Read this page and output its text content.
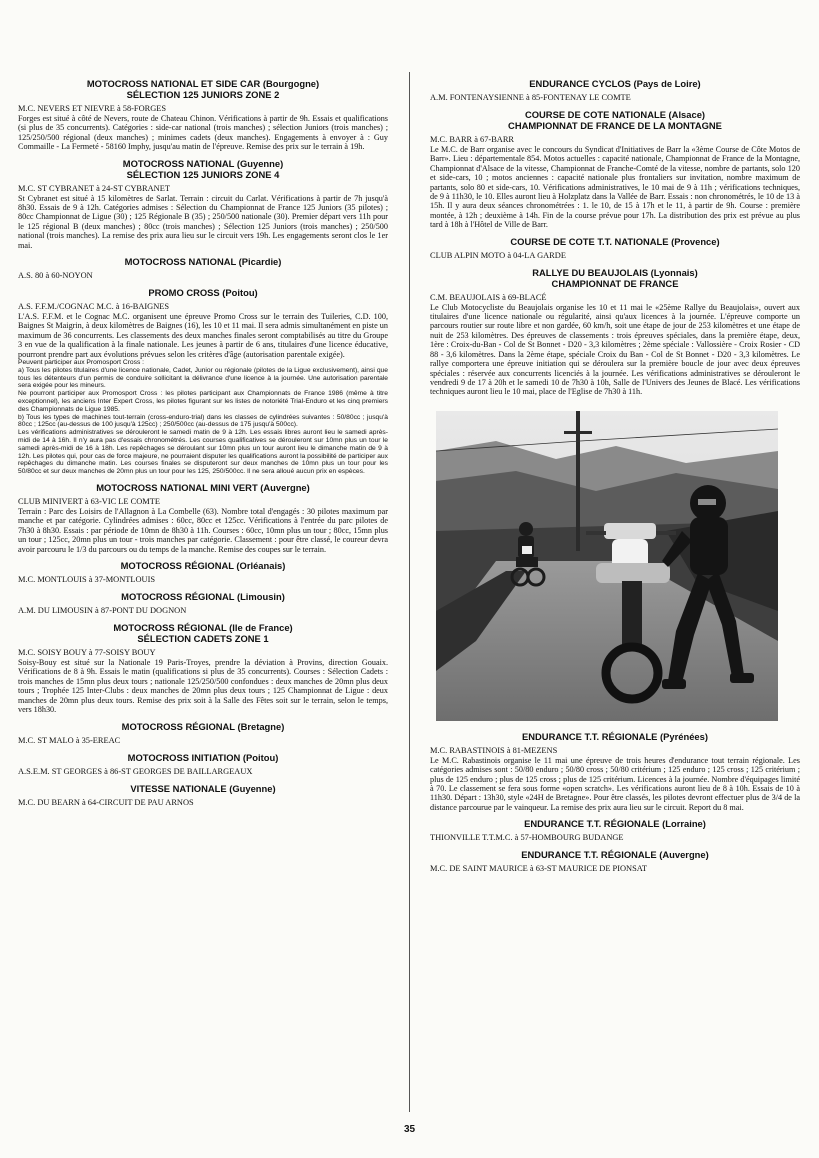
MOTOCROSS NATIONAL ET SIDE CAR (Bourgogne)
SÉLECTION 125 JUNIORS ZONE 2
M.C. NEVERS ET NIEVRE à 58-FORGES
Forges est situé à côté de Nevers, route de Chateau Chinon. Vérifications à partir de 9h. Essais et qualifications (si plus de 35 concurrents). Catégories : side-car national (trois manches) ; sélection Juniors (trois manches) ; 125/250/500 régional (deux manches) ; minimes cadets (deux manches). Engagements à envoyer à : Guy Commaille - La Fermeté - 58160 Imphy, jusqu'au matin de l'épreuve. Remise des prix sur le terrain à 19h.
MOTOCROSS NATIONAL (Guyenne)
SÉLECTION 125 JUNIORS ZONE 4
M.C. ST CYBRANET à 24-ST CYBRANET
St Cybranet est situé à 15 kilomètres de Sarlat. Terrain : circuit du Carlat. Vérifications à partir de 7h jusqu'à 8h30. Essais de 9 à 12h. Catégories admises : Sélection du Championnat de France 125 Juniors (35 pilotes) ; 80cc Championnat de Ligue (30) ; 125 Régionale B (35) ; 250/500 nationale (30). Premier départ vers 11h pour le 125 régional B (deux manches) ; 80cc (trois manches) ; Sélection 125 Juniors (trois manches) ; 250/500 national (trois manches). La remise des prix aura lieu sur le circuit vers 19h. Les engagements seront clos le 1er mai.
MOTOCROSS NATIONAL (Picardie)
A.S. 80 à 60-NOYON
PROMO CROSS (Poitou)
A.S. F.F.M./COGNAC M.C. à 16-BAIGNES
L'A.S. F.F.M. et le Cognac M.C. organisent une épreuve Promo Cross sur le terrain des Tuileries, C.D. 100, Baignes St Maigrin, à deux kilomètres de Baignes (16), les 10 et 11 mai. Il sera admis simultanément en piste un maximum de 36 concurrents. Les classements des deux manches finales seront comptabilisés au titre du Groupe 3 en vue de la qualification à la finale nationale. Les jeunes à partir de 6 ans, titulaires d'une licence éducative, pourront prendre part aux évolutions prévues selon les critères d'âge (autorisation parentale exigée).
Peuvent participer aux Promosport Cross :
a) Tous les pilotes titulaires d'une licence nationale, Cadet, Junior ou régionale (pilotes de la Ligue exclusivement), ainsi que tous les détenteurs d'un permis de conduire sollicitant la délivrance d'une licence à la journée. Une autorisation parentale sera exigée pour les mineurs.
Ne pourront participer aux Promosport Cross : les pilotes participant aux Championnats de France 1986 (même à titre exceptionnel), les anciens Inter Expert Cross, les pilotes figurant sur les listes de notoriété Trial-Enduro et les cinq premiers des Championnats de Ligue 1985.
b) Tous les types de machines tout-terrain (cross-enduro-trial) dans les classes de cylindrées suivantes : 50/80cc ; jusqu'à 80cc ; 125cc (au-dessus de 100 jusqu'à 125cc) ; 250/500cc (au-dessus de 175 jusqu'à 500cc).
Les vérifications administratives se dérouleront le samedi matin de 9 à 12h. Les essais libres auront lieu le samedi après-midi de 14 à 16h. Il n'y aura pas d'essais chronométrés. Les courses qualificatives se dérouleront sur 10mn plus un tour le samedi après-midi de 16 à 18h. Les repêchages se déroulant sur 10mn plus un tour auront lieu le dimanche matin de 9 à 12h. Les pilotes qui, pour cas de force majeure, ne pourraient disputer les qualifications auront la possibilité de participer aux repêchages du dimanche matin. Les courses finales se disputeront sur deux manches de 10mn plus un tour pour les 50/80cc et sur deux manches de 20mn plus un tour pour les 125, 250/500cc. Il ne sera alloué aucun prix en espèces.
MOTOCROSS NATIONAL MINI VERT (Auvergne)
CLUB MINIVERT à 63-VIC LE COMTE
Terrain : Parc des Loisirs de l'Allagnon à La Combelle (63). Nombre total d'engagés : 30 pilotes maximum par manche et par catégorie. Cylindrées admises : 60cc, 80cc et 125cc. Vérifications à l'entrée du parc pilotes de 7h30 à 8h30. Essais : par période de 10mn de 8h30 à 11h. Courses : 60cc, 10mn plus un tour ; 80cc, 15mn plus un tour ; 125cc, 20mn plus un tour - trois manches par catégorie. Classement : pour être classé, le coureur devra avoir parcouru le 1/3 du parcours ou du temps de la manche. Remise des coupes sur le terrain.
MOTOCROSS RÉGIONAL (Orléanais)
M.C. MONTLOUIS à 37-MONTLOUIS
MOTOCROSS RÉGIONAL (Limousin)
A.M. DU LIMOUSIN à 87-PONT DU DOGNON
MOTOCROSS RÉGIONAL (Ile de France)
SÉLECTION CADETS ZONE 1
M.C. SOISY BOUY à 77-SOISY BOUY
Soisy-Bouy est situé sur la Nationale 19 Paris-Troyes, prendre la déviation à Provins, direction Gouaix. Vérifications de 8 à 9h. Essais le matin (qualifications si plus de 35 concurrents). Courses : Sélection Cadets : trois manches de 15mn plus deux tours ; nationale 125/250/500 confondues : deux manches de 20mn plus deux tours ; Trophée 125 Inter-Clubs : deux manches de 20mn plus deux tours ; 125 Championnat de Ligue : deux manches de 20mn plus deux tours. Remise des prix soit à la Salle des Fêtes soit sur le terrain, selon le temps, vers 18h30.
MOTOCROSS RÉGIONAL (Bretagne)
M.C. ST MALO à 35-EREAC
MOTOCROSS INITIATION (Poitou)
A.S.E.M. ST GEORGES à 86-ST GEORGES DE BAILLARGEAUX
VITESSE NATIONALE (Guyenne)
M.C. DU BEARN à 64-CIRCUIT DE PAU ARNOS
ENDURANCE CYCLOS (Pays de Loire)
A.M. FONTENAYSIENNE à 85-FONTENAY LE COMTE
COURSE DE COTE NATIONALE (Alsace)
CHAMPIONNAT DE FRANCE DE LA MONTAGNE
M.C. BARR à 67-BARR
Le M.C. de Barr organise avec le concours du Syndicat d'Initiatives de Barr la «3ème Course de Côte Motos de Barr». Lieu : départementale 854. Motos actuelles : capacité nationale, Championnat de France de la Montagne, Championnat d'Alsace de la vitesse, Championnat de Franche-Comté de la vitesse, nombre de partants, solo 120 et side-cars, 10 ; motos anciennes : capacité nationale plus frontaliers sur invitation, nombre maximum de partants, solo 80 et side-cars, 10. Vérifications administratives, le 10 mai de 9 à 11h ; vérifications techniques, de 9 à 11h30, le 10. Elles auront lieu à Holzplatz dans la Vallée de Barr. Essais : non chronométrés, le 10 de 13 à 15h. Il y aura deux séances chronométrées : 1. le 10, de 15 à 17h et le 11, à partir de 9h. Course : première montée, à 12h ; deuxième à 14h. Fin de la course prévue pour 17h. La distribution des prix est prévue au plus tard à 18h à l'Hôtel de Ville de Barr.
COURSE DE COTE T.T. NATIONALE (Provence)
CLUB ALPIN MOTO à 04-LA GARDE
RALLYE DU BEAUJOLAIS (Lyonnais)
CHAMPIONNAT DE FRANCE
C.M. BEAUJOLAIS à 69-BLACÉ
Le Club Motocycliste du Beaujolais organise les 10 et 11 mai le «25ème Rallye du Beaujolais», ouvert aux titulaires d'une licence nationale ou régularité, ainsi qu'aux licences à la journée. L'épreuve comporte un parcours routier sur route libre et non gardée, 60 km/h, soit une étape de jour de 253 kilomètres et une étape de nuit de 253 kilomètres. Des épreuves de classements : trois épreuves spéciales, dans la première étape, deux, 1ère : Croix-du-Ban - Col de St Bonnet - D20 - 3,3 kilomètres ; 2ème spéciale : Vallossière - Croix Rosier - CD 88 - 3,6 kilomètres. Dans la 2ème étape, spéciale Croix du Ban - Col de St Bonnet - D20 - 3,3 kilomètres. Le rallye comportera une épreuve initiation qui se déroulera sur la première boucle de jour avec deux épreuves spéciales : réservée aux concurrents licenciés à la journée. Les vérifications administratives se dérouleront le vendredi 9 de 17 à 20h et le samedi 10 de 7h30 à 10h, Salle de l'Univers des Jeunes de Blacé. Les vérifications techniques auront lieu le 10 mai, place de l'Eglise de 7h30 à 11h.
ENDURANCE T.T. RÉGIONALE (Pyrénées)
M.C. RABASTINOIS à 81-MEZENS
Le M.C. Rabastinois organise le 11 mai une épreuve de trois heures d'endurance tout terrain régionale. Les catégories admises sont : 50/80 enduro ; 50/80 cross ; 50/80 critérium ; 125 enduro ; 125 cross ; 125 critérium ; plus de 125 enduro ; plus de 125 cross ; plus de 125 critérium. Licences à la journée. Nombre d'équipages limité à 70. Le classement se fera sous forme «open scratch». Les vérifications auront lieu de 8 à 10h. Essais de 10 à 11h30. Départ : 13h30, style «24H de Bretagne». Pour être classés, les pilotes devront effectuer plus de 3/4 de la distance parcourue par le vainqueur. La remise des prix aura lieu sur le circuit. Report du 8 mai.
ENDURANCE T.T. RÉGIONALE (Lorraine)
THIONVILLE T.T.M.C. à 57-HOMBOURG BUDANGE
ENDURANCE T.T. RÉGIONALE (Auvergne)
M.C. DE SAINT MAURICE à 63-ST MAURICE DE PIONSAT
35
